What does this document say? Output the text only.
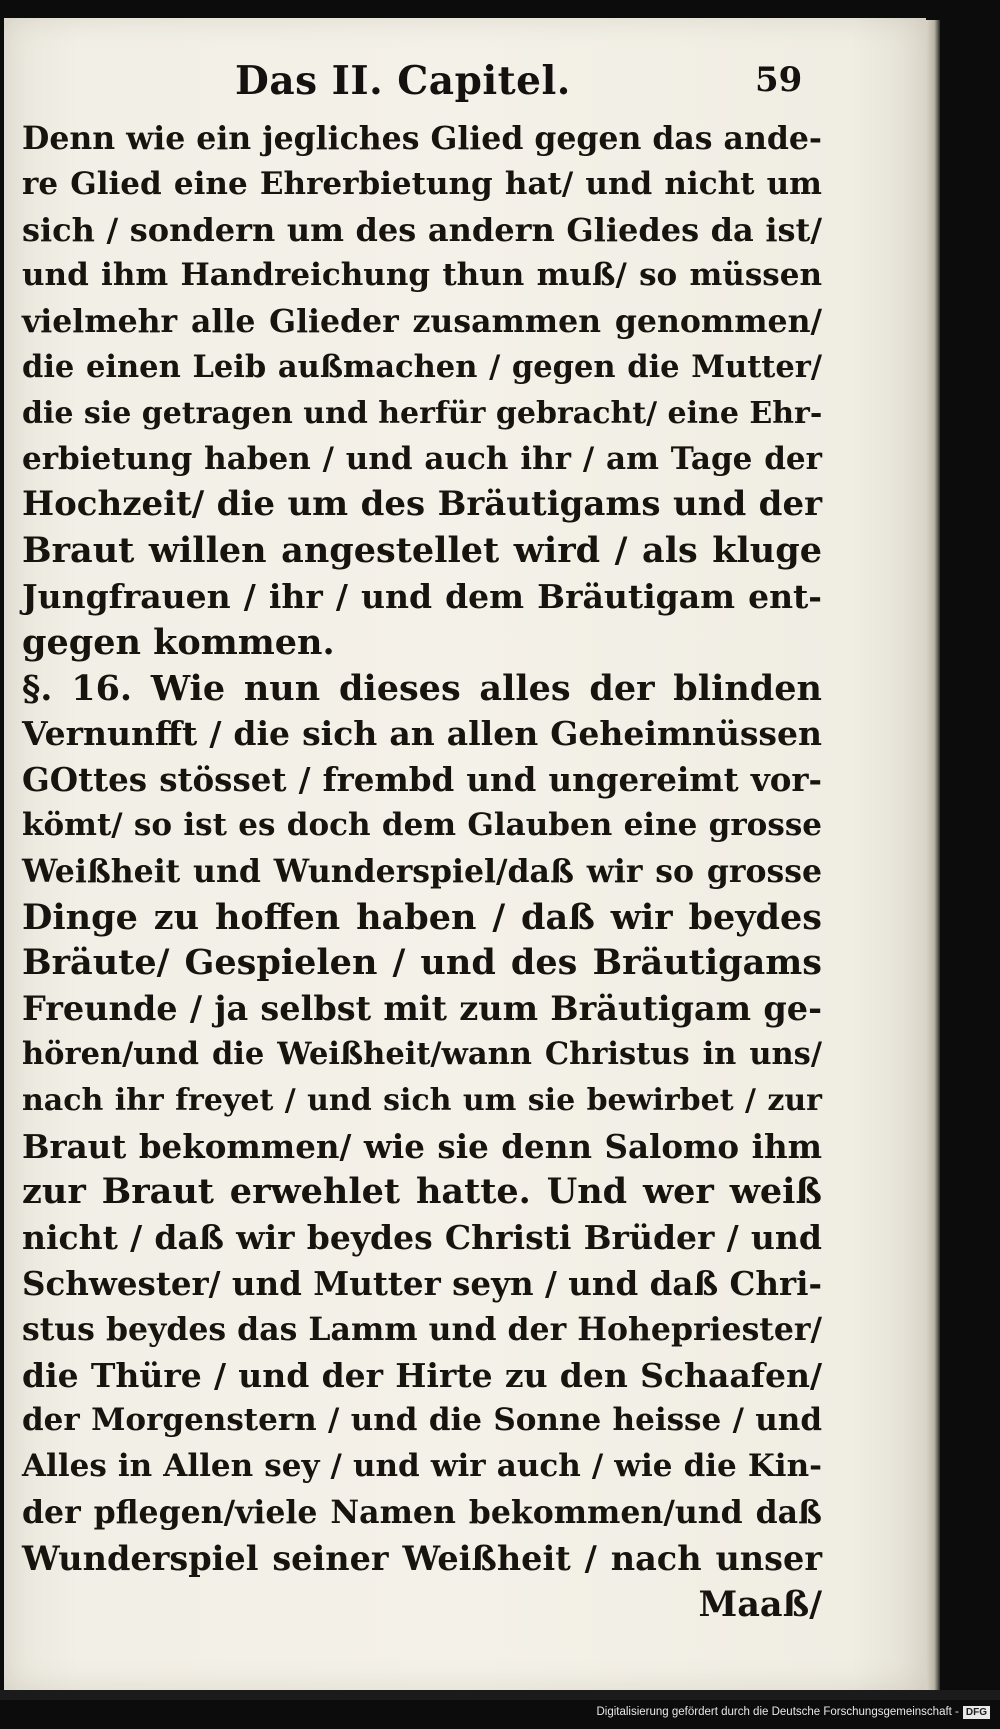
Das II. Capitel.	59
Denn wie ein jegliches Glied gegen das ande-
re Glied eine Ehrerbietung hat/ und nicht um
sich / sondern um des andern Gliedes da ist/
und ihm Handreichung thun muß/ so müssen
vielmehr alle Glieder zusammen genommen/
die einen Leib außmachen / gegen die Mutter/
die sie getragen und herfür gebracht/ eine Ehr-
erbietung haben / und auch ihr / am Tage der
Hochzeit/ die um des Bräutigams und der
Braut willen angestellet wird / als kluge
Jungfrauen / ihr / und dem Bräutigam ent-
gegen kommen.
§. 16. Wie nun dieses alles der blinden
Vernunfft / die sich an allen Geheimnüssen
GOttes stösset / frembd und ungereimt vor-
kömt/ so ist es doch dem Glauben eine grosse
Weißheit und Wunderspiel/daß wir so grosse
Dinge zu hoffen haben / daß wir beydes
Bräute/ Gespielen / und des Bräutigams
Freunde / ja selbst mit zum Bräutigam ge-
hören/und die Weißheit/wann Christus in uns/
nach ihr freyet / und sich um sie bewirbet / zur
Braut bekommen/ wie sie denn Salomo ihm
zur Braut erwehlet hatte. Und wer weiß
nicht / daß wir beydes Christi Brüder / und
Schwester/ und Mutter seyn / und daß Chri-
stus beydes das Lamm und der Hohepriester/
die Thüre / und der Hirte zu den Schaafen/
der Morgenstern / und die Sonne heisse / und
Alles in Allen sey / und wir auch / wie die Kin-
der pflegen/viele Namen bekommen/und daß
Wunderspiel seiner Weißheit / nach unser
Maaß/
Digitalisierung gefördert durch die Deutsche Forschungsgemeinschaft - DFG
